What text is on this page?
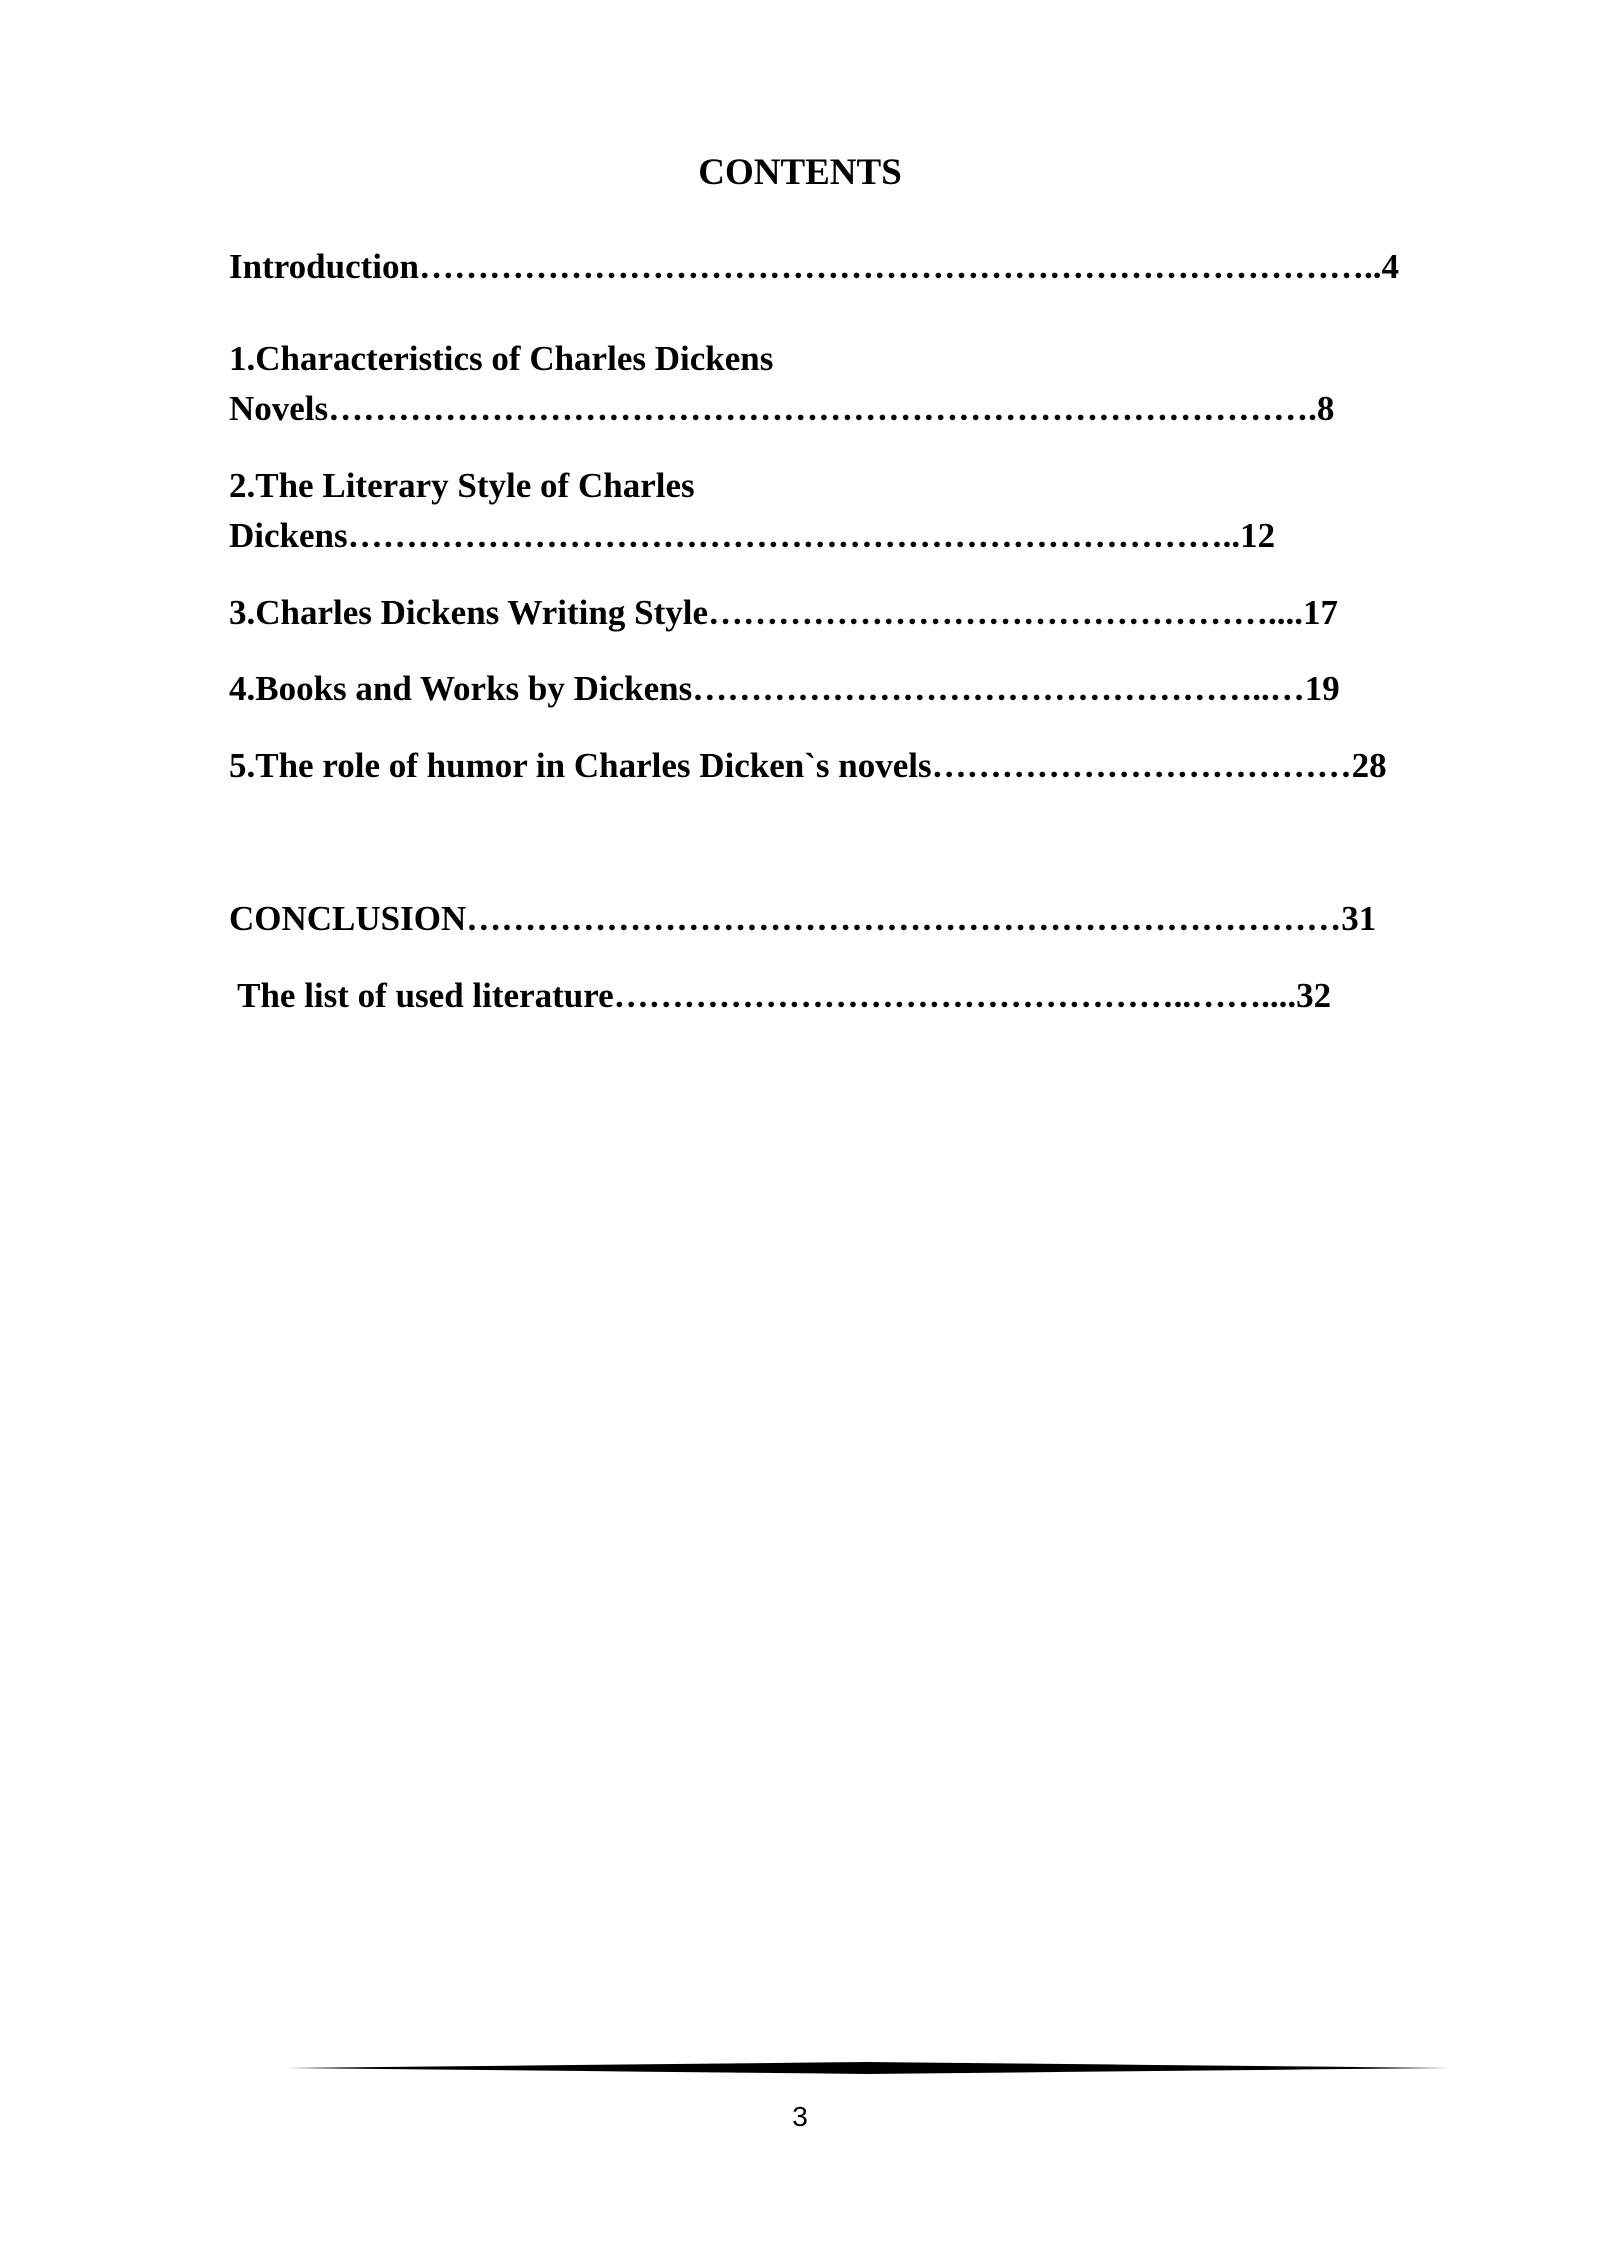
CONTENTS
Introduction………………………………………………………………………..4
1.Characteristics of Charles Dickens
Novels………………………………………………………………………….8
2.The Literary Style of Charles
Dickens…………………………………………………………………..12
3.Charles Dickens Writing Style…………………………………………....17
4.Books and Works by Dickens…………………………………………..…19
5.The role of humor in Charles Dicken`s novels………………………………28
CONCLUSION…………………………………………………………………31
The list of used literature…………………………………………..……....32
3
